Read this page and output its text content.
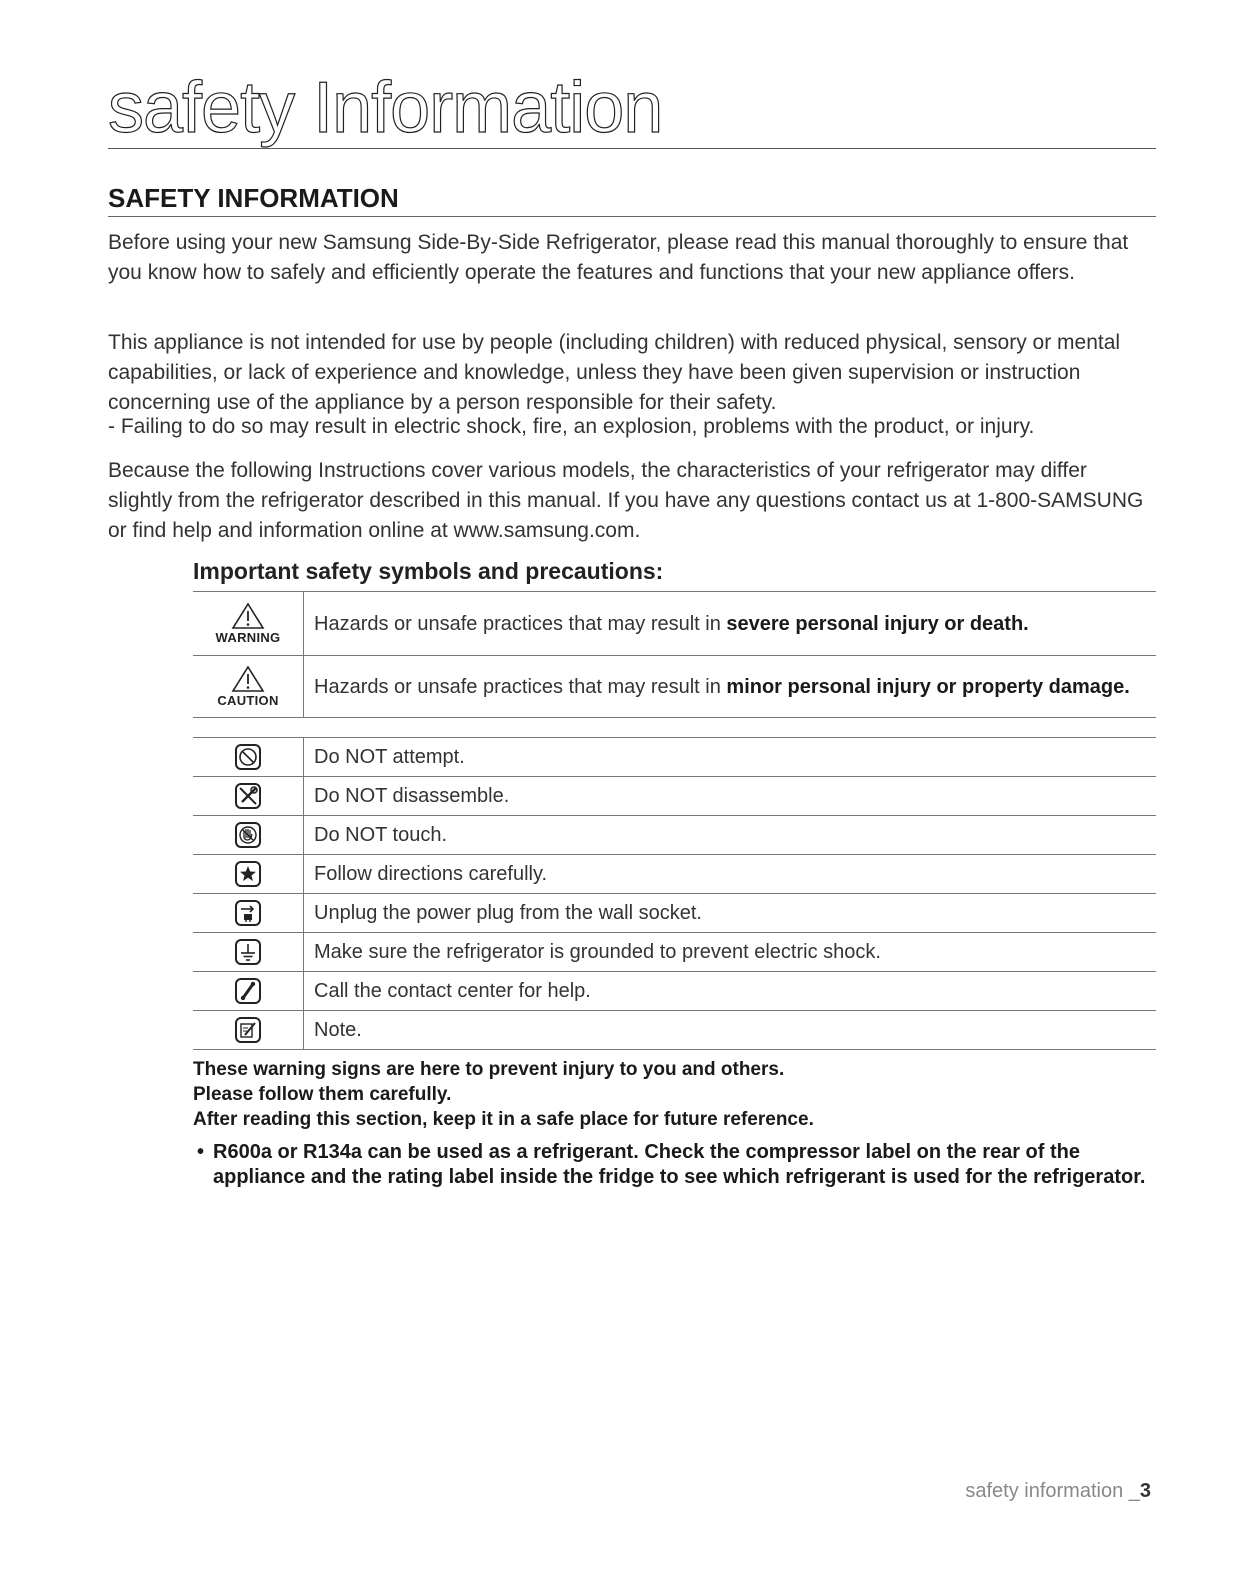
safety Information
SAFETY INFORMATION

Before using your new Samsung Side-By-Side Refrigerator, please read this manual thoroughly to ensure that you know how to safely and efficiently operate the features and functions that your new appliance offers.

This appliance is not intended for use by people (including children) with reduced physical, sensory or mental capabilities, or lack of experience and knowledge, unless they have been given supervision or instruction concerning use of the appliance by a person responsible for their safety.

- Failing to do so may result in electric shock, fire, an explosion, problems with the product, or injury.

Because the following Instructions cover various models, the characteristics of your refrigerator may differ slightly from the refrigerator described in this manual. If you have any questions contact us at 1-800-SAMSUNG or find help and information online at www.samsung.com.

Important safety symbols and precautions:
WARNING	Hazards or unsafe practices that may result in severe personal injury or death.

CAUTION	Hazards or unsafe practices that may result in minor personal injury or property damage.
	Do NOT attempt.

	Do NOT disassemble.

	Do NOT touch.

	Follow directions carefully.

	Unplug the power plug from the wall socket.

	Make sure the refrigerator is grounded to prevent electric shock.

	Call the contact center for help.

	Note.
These warning signs are here to prevent injury to you and others.
Please follow them carefully.
After reading this section, keep it in a safe place for future reference.
• R600a or R134a can be used as a refrigerant. Check the compressor label on the rear of the appliance and the rating label inside the fridge to see which refrigerant is used for the refrigerator.
safety information _3
